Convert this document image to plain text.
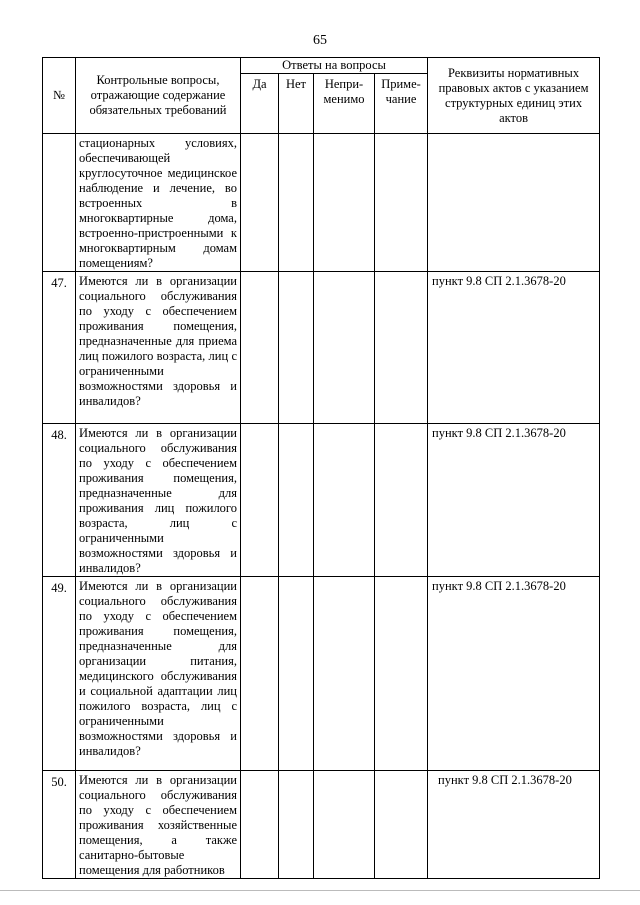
65
№	Контрольные вопросы, отражающие содержание обязательных требований	Ответы на вопросы				Реквизиты нормативных правовых актов с указанием структурных единиц этих актов
		Да	Нет	Непри-менимо	Приме-чание	
	стационарных условиях, обеспечивающей круглосуточное медицинское наблюдение и лечение, во встроенных в многоквартирные дома, встроенно-пристроенными к многоквартирным домам помещениям?					
47.	Имеются ли в организации социального обслуживания по уходу с обеспечением проживания помещения, предназначенные для приема лиц пожилого возраста, лиц с ограниченными возможностями здоровья и инвалидов?					пункт 9.8 СП 2.1.3678-20
48.	Имеются ли в организации социального обслуживания по уходу с обеспечением проживания помещения, предназначенные для проживания лиц пожилого возраста, лиц с ограниченными возможностями здоровья и инвалидов?					пункт 9.8 СП 2.1.3678-20
49.	Имеются ли в организации социального обслуживания по уходу с обеспечением проживания помещения, предназначенные для организации питания, медицинского обслуживания и социальной адаптации лиц пожилого возраста, лиц с ограниченными возможностями здоровья и инвалидов?					пункт 9.8 СП 2.1.3678-20
50.	Имеются ли в организации социального обслуживания по уходу с обеспечением проживания хозяйственные помещения, а также санитарно-бытовые помещения для работников					пункт 9.8 СП 2.1.3678-20
